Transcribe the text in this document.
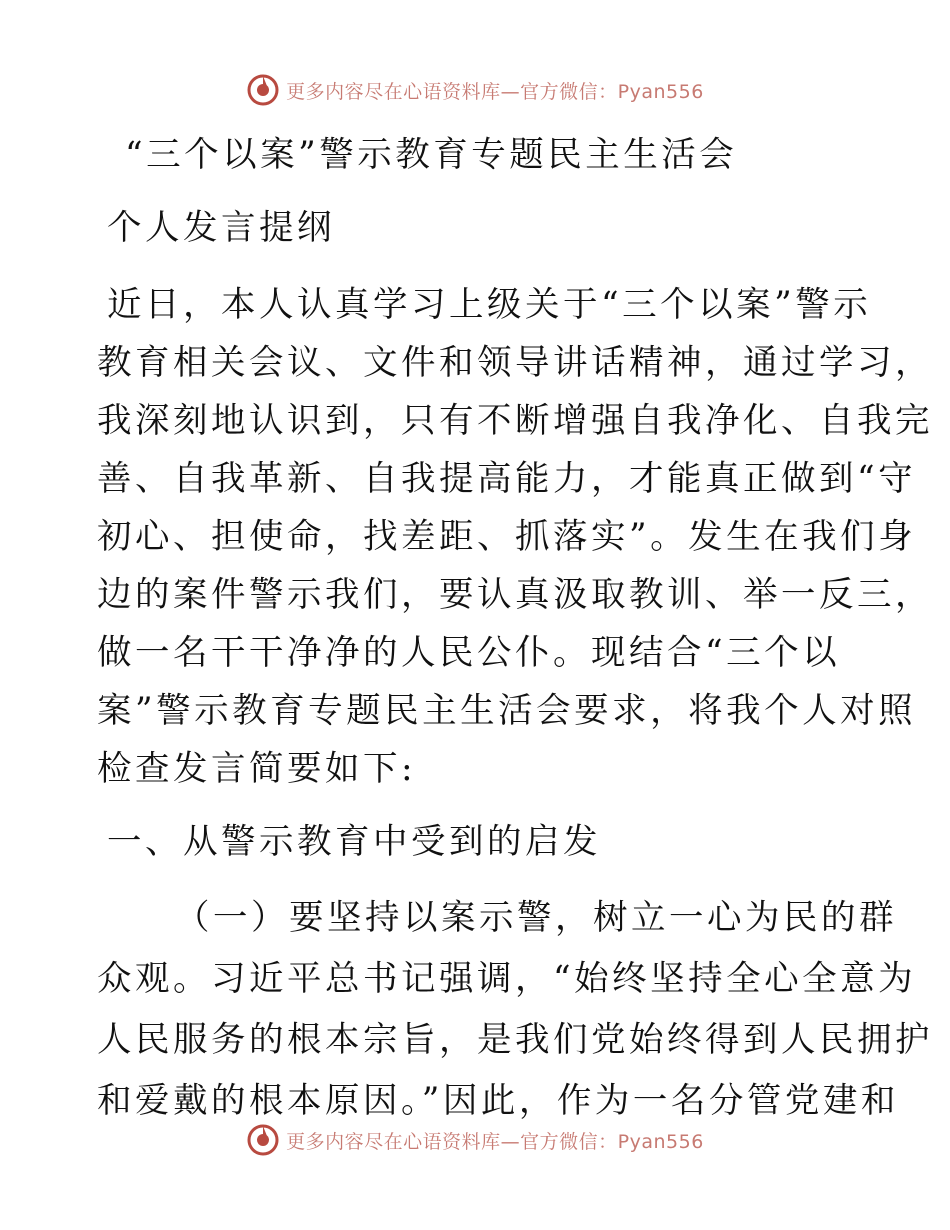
更多内容尽在心语资料库—官方微信：Pyan556
“三个以案”警示教育专题民主生活会
个人发言提纲
近日，本人认真学习上级关于“三个以案”警示
教育相关会议、文件和领导讲话精神，通过学习，
我深刻地认识到，只有不断增强自我净化、自我完
善、自我革新、自我提高能力，才能真正做到“守
初心、担使命，找差距、抓落实”。发生在我们身
边的案件警示我们，要认真汲取教训、举一反三，
做一名干干净净的人民公仆。现结合“三个以
案”警示教育专题民主生活会要求，将我个人对照
检查发言简要如下:
一、从警示教育中受到的启发
（一）要坚持以案示警，树立一心为民的群
众观。习近平总书记强调，“始终坚持全心全意为
人民服务的根本宗旨，是我们党始终得到人民拥护
和爱戴的根本原因。”因此，作为一名分管党建和
更多内容尽在心语资料库—官方微信：Pyan556
